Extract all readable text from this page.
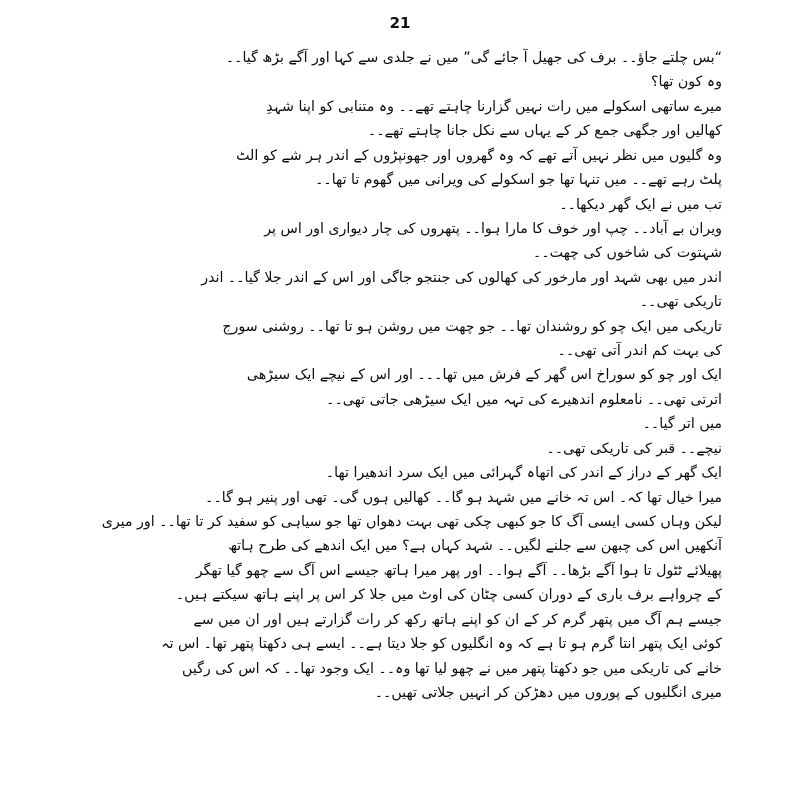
21
“بس چلتے جاؤ۔۔ برف کی جھیل آ جائے گی” میں نے جلدی سے کہا اور آگے بڑھ گیا۔۔
وہ کون تھا؟
میرے ساتھی اسکولے میں رات نہیں گزارنا چاہتے تھے۔۔ وہ متنابی کو اپنا شہدِ
کھالیں اور جگھی جمع کر کے یہاں سے نکل جانا چاہتے تھے۔۔
وہ گلیوں میں نظر نہیں آتے تھے کہ وہ گھروں اور جھونپڑوں کے اندر ہر شے کو الٹ
پلٹ رہے تھے۔۔ میں تنہا تھا جو اسکولے کی ویرانی میں گھوم تا تھا۔۔
تب میں نے ایک گھر دیکھا۔۔
ویران بے آباد۔۔ چپ اور خوف کا مارا ہوا۔۔ پتھروں کی چار دیواری اور اس پر
شہتوت کی شاخوں کی چھت۔۔
اندر میں بھی شہد اور مارخور کی کھالوں کی جنتجو جاگی اور اس کے اندر جلا گیا۔۔ اندر
تاریکی تھی۔۔
تاریکی میں ایک چو کو روشندان تھا۔۔ جو چھت میں روشن ہو تا تھا۔۔ روشنی سورج
کی بہت کم اندر آتی تھی۔۔
ایک اور چو کو سوراخ اس گھر کے فرش میں تھا۔۔۔ اور اس کے نیچے ایک سیڑھی
اترتی تھی۔۔ نامعلوم اندھیرے کی تہہ میں ایک سیڑھی جاتی تھی۔۔
میں اتر گیا۔۔
نیچے۔۔ قبر کی تاریکی تھی۔۔
ایک گھر کے دراز کے اندر کی اتھاہ گہرائی میں ایک سرد اندھیرا تھا۔
میرا خیال تھا کہ۔ اس تہ خانے میں شہد ہو گا۔۔ کھالیں ہوں گی۔ تھی اور پنیر ہو گا۔۔
لیکن وہاں کسی ایسی آگ کا جو کبھی چکی تھی بہت دھواں تھا جو سیاہی کو سفید کر تا تھا۔۔ اور میری
آنکھیں اس کی چبھن سے جلنے لگیں۔۔ شہد کہاں ہے؟ میں ایک اندھے کی طرح ہاتھ
پھیلائے ٹٹول تا ہوا آگے بڑھا۔۔ آگے ہوا۔۔ اور پھر میرا ہاتھ جیسے اس آگ سے چھو گیا تھگر
کے چرواہے برف باری کے دوران کسی چٹان کی اوٹ میں جلا کر اس پر اپنے ہاتھ سیکتے ہیں۔
جیسے ہم آگ میں پتھر گرم کر کے ان کو اپنے ہاتھ رکھ کر رات گزارتے ہیں اور ان میں سے
کوئی ایک پتھر انتا گرم ہو تا ہے کہ وہ انگلیوں کو جلا دیتا ہے۔۔ ایسے ہی دکھتا پتھر تھا۔ اس تہ
خانے کی تاریکی میں جو دکھتا پتھر میں نے چھو لیا تھا وہ۔۔ ایک وجود تھا۔۔ کہ اس کی رگیں
میری انگلیوں کے پوروں میں دھڑکن کر انہیں جلاتی تھیں۔۔
